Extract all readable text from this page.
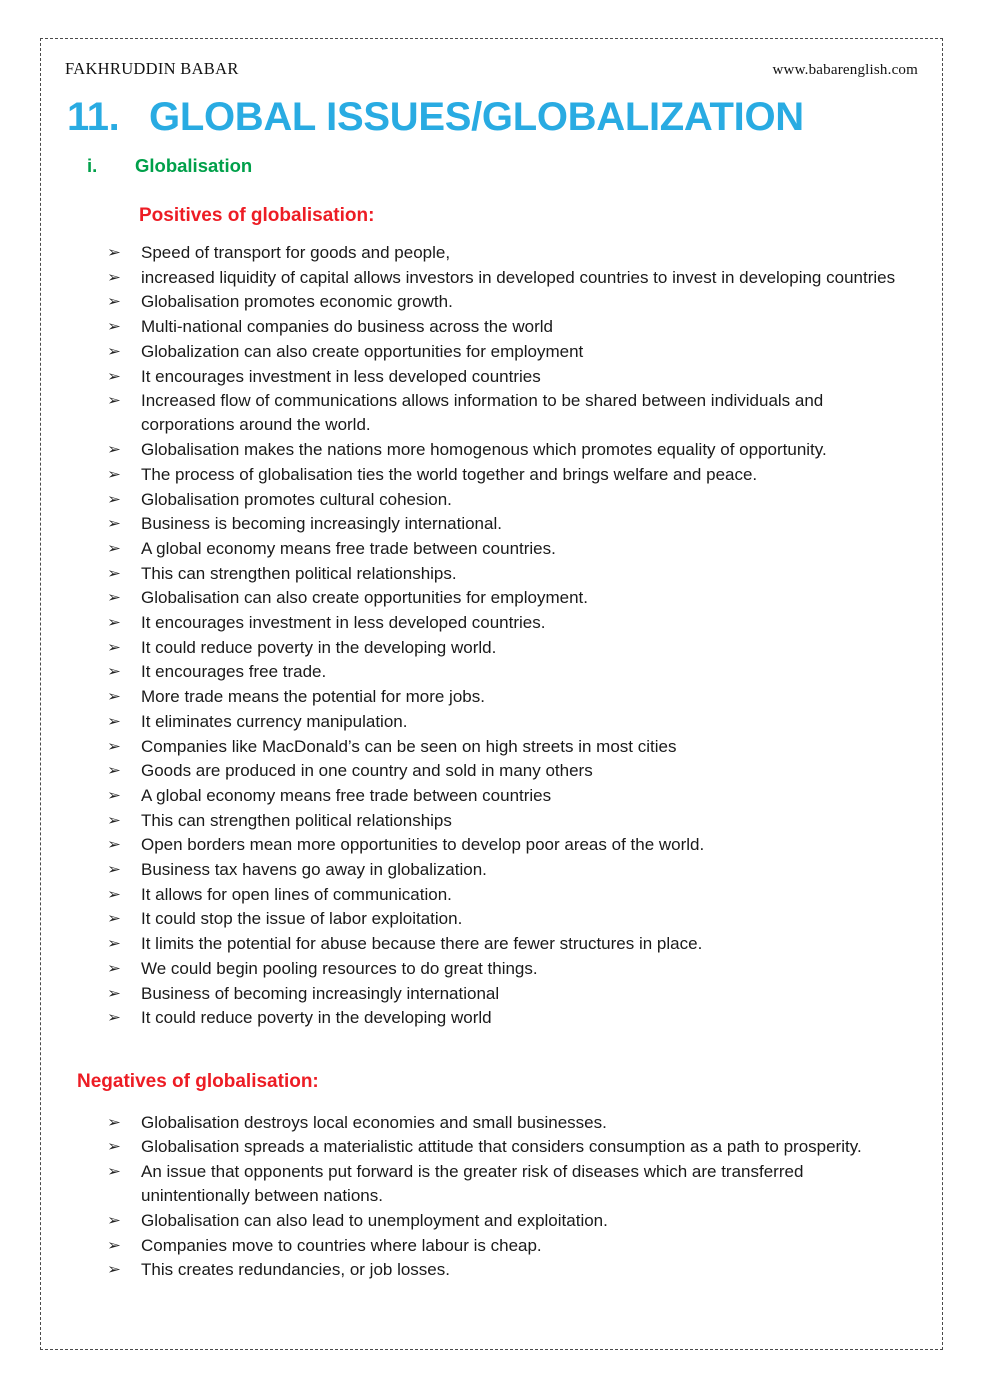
FAKHRUDDIN BABAR	www.babarenglish.com
11. GLOBAL ISSUES/GLOBALIZATION
i.	Globalisation
Positives of globalisation:
➢	Speed of transport for goods and people,
➢	increased liquidity of capital allows investors in developed countries to invest in developing countries
➢	Globalisation promotes economic growth.
➢	Multi-national companies do business across the world
➢	Globalization can also create opportunities for employment
➢	It encourages investment in less developed countries
➢	Increased flow of communications allows information to be shared between individuals and corporations around the world.
➢	Globalisation makes the nations more homogenous which promotes equality of opportunity.
➢	The process of globalisation ties the world together and brings welfare and peace.
➢	Globalisation promotes cultural cohesion.
➢	Business is becoming increasingly international.
➢	A global economy means free trade between countries.
➢	This can strengthen political relationships.
➢	Globalisation can also create opportunities for employment.
➢	It encourages investment in less developed countries.
➢	It could reduce poverty in the developing world.
➢	It encourages free trade.
➢	More trade means the potential for more jobs.
➢	It eliminates currency manipulation.
➢	Companies like MacDonald’s can be seen on high streets in most cities
➢	Goods are produced in one country and sold in many others
➢	A global economy means free trade between countries
➢	This can strengthen political relationships
➢	Open borders mean more opportunities to develop poor areas of the world.
➢	Business tax havens go away in globalization.
➢	It allows for open lines of communication.
➢	It could stop the issue of labor exploitation.
➢	It limits the potential for abuse because there are fewer structures in place.
➢	We could begin pooling resources to do great things.
➢	Business of becoming increasingly international
➢	It could reduce poverty in the developing world
Negatives of globalisation:
➢	Globalisation destroys local economies and small businesses.
➢	Globalisation spreads a materialistic attitude that considers consumption as a path to prosperity.
➢	An issue that opponents put forward is the greater risk of diseases which are transferred unintentionally between nations.
➢	Globalisation can also lead to unemployment and exploitation.
➢	Companies move to countries where labour is cheap.
➢	This creates redundancies, or job losses.
